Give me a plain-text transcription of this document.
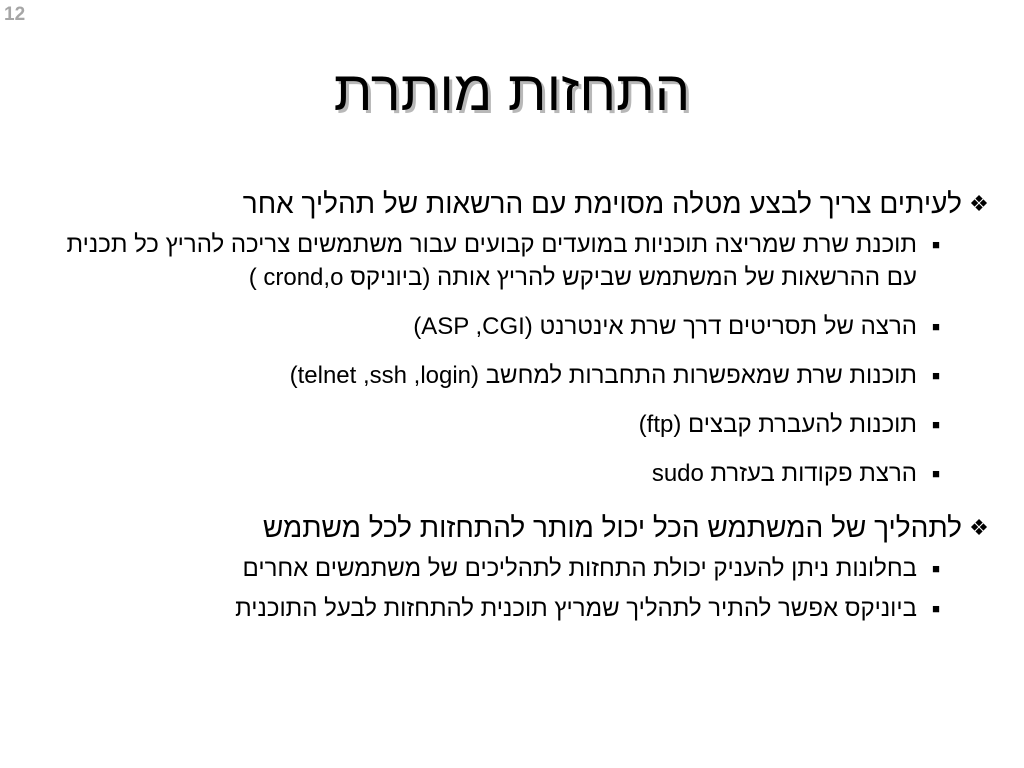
12
התחזות מותרת

❖
לעיתים צריך לבצע מטלה מסוימת עם הרשאות של תהליך אחר

■
תוכנת שרת שמריצה תוכניות במועדים קבועים עבור משתמשים צריכה להריץ כל תכנית עם ההרשאות של המשתמש שביקש להריץ אותה (ביוניקס crond,o )
■
הרצה של תסריטים דרך שרת אינטרנט (ASP ,CGI)
■
תוכנות שרת שמאפשרות התחברות למחשב (telnet ,ssh ,login)
■
תוכנות להעברת קבצים (ftp)
■
הרצת פקודות בעזרת sudo

❖
לתהליך של המשתמש הכל יכול מותר להתחזות לכל משתמש

■
בחלונות ניתן להעניק יכולת התחזות לתהליכים של משתמשים אחרים
■
ביוניקס אפשר להתיר לתהליך שמריץ תוכנית להתחזות לבעל התוכנית
